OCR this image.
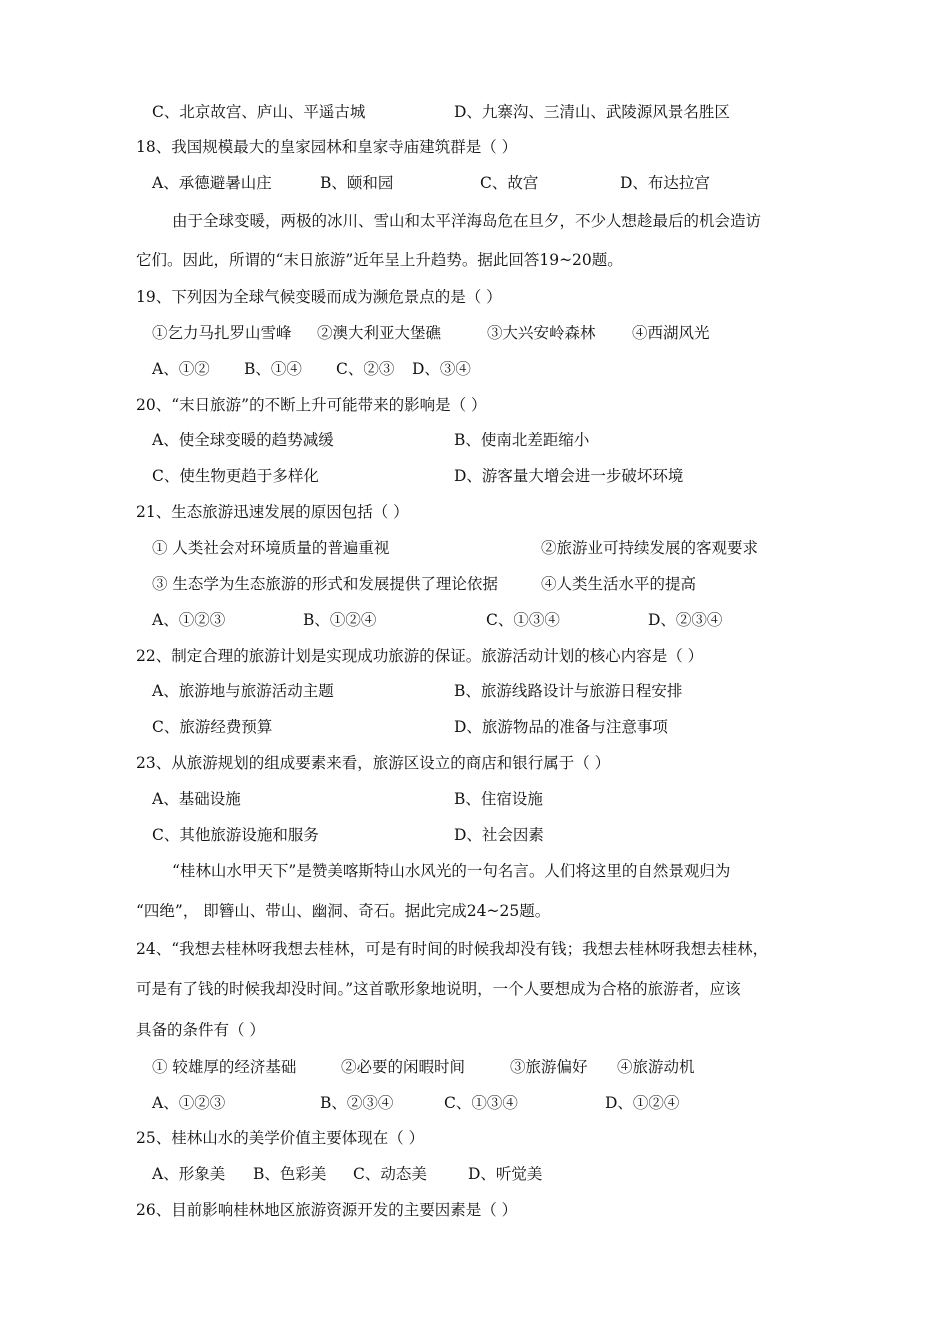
C、北京故宫、庐山、平遥古城	D、九寨沟、三清山、武陵源风景名胜区
18、我国规模最大的皇家园林和皇家寺庙建筑群是（ ）
A、承德避暑山庄	B、颐和园	C、故宫	D、布达拉宫
由于全球变暖，两极的冰川、雪山和太平洋海岛危在旦夕，不少人想趁最后的机会造访
它们。因此，所谓的“末日旅游”近年呈上升趋势。据此回答19~20题。
19、下列因为全球气候变暖而成为濒危景点的是（ ）
①乞力马扎罗山雪峰 ②澳大利亚大堡礁	③大兴安岭森林 ④西湖风光
A、①② B、①④ C、②③ D、③④
20、“末日旅游”的不断上升可能带来的影响是（ ）
A、使全球变暖的趋势减缓	B、使南北差距缩小
C、使生物更趋于多样化	D、游客量大增会进一步破坏环境
21、生态旅游迅速发展的原因包括（ ）
① 人类社会对环境质量的普遍重视	②旅游业可持续发展的客观要求
③ 生态学为生态旅游的形式和发展提供了理论依据	④人类生活水平的提高
A、①②③	B、①②④	C、①③④	D、②③④
22、制定合理的旅游计划是实现成功旅游的保证。旅游活动计划的核心内容是（ ）
A、旅游地与旅游活动主题	B、旅游线路设计与旅游日程安排
C、旅游经费预算	D、旅游物品的准备与注意事项
23、从旅游规划的组成要素来看，旅游区设立的商店和银行属于（ ）
A、基础设施	B、住宿设施
C、其他旅游设施和服务	D、社会因素
“桂林山水甲天下”是赞美喀斯特山水风光的一句名言。人们将这里的自然景观归为
“四绝”， 即簪山、带山、幽洞、奇石。据此完成24~25题。
24、“我想去桂林呀我想去桂林，可是有时间的时候我却没有钱；我想去桂林呀我想去桂林，
可是有了钱的时候我却没时间。”这首歌形象地说明，一个人要想成为合格的旅游者，应该
具备的条件有（ ）
① 较雄厚的经济基础	②必要的闲暇时间	③旅游偏好 ④旅游动机
A、①②③	B、②③④	C、①③④	D、①②④
25、桂林山水的美学价值主要体现在（ ）
A、形象美 B、色彩美 C、动态美	D、听觉美
26、目前影响桂林地区旅游资源开发的主要因素是（ ）
